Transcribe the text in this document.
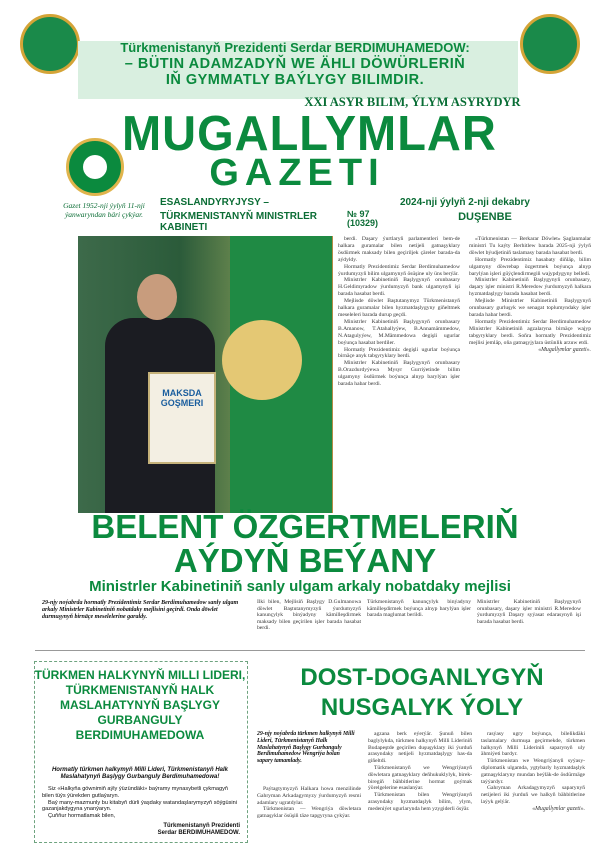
Türkmenistanyň Prezidenti Serdar BERDIMUHAMEDOW:
– BÜTIN ADAMZADYŇ WE ÄHLI DÖWÜRLERIŇ
IŇ GYMMATLY BAÝLYGY BILIMDIR.
XXI ASYR BILIM, ÝLYM ASYRYDYR
MUGALLYMLAR
GAZETI
Gazet 1952-nji ýylyň 11-nji ýanwaryndan bäri çykýar.
ESASLANDYRYJYSY –
TÜRKMENISTANYŇ MINISTRLER KABINETI
2024-nji ýylyň 2-nji dekabry
№ 97
(10329)	DUŞENBE
MAKSDA GOŞMERI

berdi. Daşary ýurtlaryň parlamentleri bem-de halkara guramalar bilen netijeli gatnaşyklary ösdürmek maksady bilen geçiriljek çäreler barada-da aýdyldy.

Hormatly Prezidentimiz Serdar Berdimuhamedow ýurdumyzyň bilim ulgamynyň ösüşine uly üns berýär.

Ministrler Kabinetiniň Başlygynyň orunbasary H.Geldimyradow ýurdumyzyň bank ulgamynyň işi barada hasabat berdi.

Mejlisde döwlet Baştutanymyz Türkmenistanyň halkara guramalar bilen hyzmatdaşlygyny giňeltmek meseleleri barada durup geçdi.

Ministrler Kabinetiniň Başlygynyň orunbasary B.Amanow, T.Atahallyýew, B.Annamämmedow, N.Atagulyýew, M.Mämmedowa degişli ugurlar boýunça hasabat berdiler.

Hormatly Prezidentimiz degişli ugurlar boýunça birnäçe anyk tabşyryklary berdi.

Ministrler Kabinetiniň Başlygynyň orunbasary B.Orazdurdyýewa Mysyr Gurriýetinde bilim ulgamyny ösdürmek boýunça alnyp barylýan işler barada habar berdi.

«Türkmenistan — Berkarar Döwlet» Şaglanmalar ministri Tu kaýty Berhitlew barada 2025-nji ýylyň döwlet býudjetiniň taslamasy barada hasabat berdi.

Hormatly Prezidentimiz hasabaty diňläp, bilim ulgamyny döwrebap özgertmek boýunça alnyp barylýan işleri güýçlendirmegiň wajypdygyny belledi.

Ministrler Kabinetiniň Başlygynyň orunbasary, daşary işler ministri R.Meredow ýurdumyzyň halkara hyzmatdaşlygy barada hasabat berdi.

Mejlisde Ministrler Kabinetiniň Başlygynyň orunbasary gurluşyk we senagat toplumyndaky işler barada habar berdi.

Hormatly Prezidentimiz Serdar Berdimuhamedow Ministrler Kabinetiniň agzalaryna birnäçe wajyp tabşyryklary berdi. Soňra hormatly Prezidentimiz mejlisi jemläp, oňa gatnaşyjylara üstünlik arzuw etdi.

«Mugallymlar gazeti».
BELENT ÖZGERTMELERIŇ
AÝDYŇ BEÝANY
Ministrler Kabinetiniň sanly ulgam arkaly nobatdaky mejlisi
29-njy noýabrda hormatly Prezidentimiz Serdar Berdimuhamedow sanly ulgam arkaly Ministrler Kabinetiniň nobatdaky mejlisini geçirdi. Onda döwlet durmuşynyň birnäçe meselelerine garaldy.
Ilki bilen, Mejlisiň Başlygy D.Gulmanowa döwlet Baştutanymyzyň ýurdumyzyň kanunçylyk binýadyny kämilleşdirmek maksady bilen geçirilen işler barada hasabat berdi.
Türkmenistanyň kanunçylyk binýadyny kämilleşdirmek boýunça alnyp barylýan işler barada maglumat berildi.
Ministrler Kabinetiniň Başlygynyň orunbasary, daşary işler ministri R.Meredow ýurdumyzyň Daşary syýasat edarasynyň işi barada hasabat berdi.
TÜRKMEN HALKYNYŇ MILLI LIDERI, TÜRKMENISTANYŇ HALK MASLAHATYNYŇ BAŞLYGY GURBANGULY BERDIMUHAMEDOWA
Hormatly türkmen halkymyň Milli Lideri, Türkmenistanyň Halk Maslahatynyň Başlygy Gurbanguly Berdimuhamedowa!

Siz «Halkyňa göwnimiň aýly ýüzündäki» baýramy mynasybetli çykmagyň bilen tüýs ýürekden gutlaýaryn.

Baý many-mazmunly bu kitabyň dürli ýaşdaky watandaşlarymyzyň söýgüsini gazanjakdygyna ynanýaryn.

Çuňňur hormatlamak bilen,

Türkmenistanyň Prezidenti
Serdar BERDIMUHAMEDOW.
DOST-DOGANLYGYŇ
NUSGALYK ÝOLY
29-njy noýabrda türkmen halkynyň Milli Lideri, Türkmenistanyň Halk Maslahatynyň Başlygy Gurbanguly Berdimuhamedow Wengriýa bolan sapary tamamlady.

Paýtagtymyzyň Halkara howa menzilinde Gahryman Arkadagymyzy ýurdumyzyň resmi adamlary ugratdylar.

Türkmenistan — Wengriýa döwletara gatnaşyklar ösüşiň täze tapgyryna çykýar.

agzana berk eýerýär. Şunuň bilen baglylykda, türkmen halkynyň Milli Lideriniň Budapeştde geçirilen duşuşyklary iki ýurduň arasyndaky netijeli hyzmatdaşlygy has-da giňeltdi.

Türkmenistanyň we Wengriýanyň döwletara gatnaşyklary deňhukuklylyk, birek-biregiň bähbitlerine hormat goýmak ýörelgelerine esaslanýar.

Türkmenistan bilen Wengriýanyň arasyndaky hyzmatdaşlyk bilim, ylym, medeniýet ugurlarynda hem yzygiderli ösýär.

rasýasy ugry boýunça, bilelikdäki taslamalary durmuşa geçirmekde, türkmen halkynyň Milli Lideriniň saparynyň uly ähmiýeti bardyr.

Türkmenistan we Wengriýanyň syýasy-diplomatik ulgamda, ygtybarly hyzmatdaşlyk gatnaşyklaryny mundan beýläk-de ösdürmäge taýýardyr.

Gahryman Arkadagymyzyň saparynyň netijeleri iki ýurduň we halkyň bähbitlerine laýyk gelýär.

«Mugallymlar gazeti».
